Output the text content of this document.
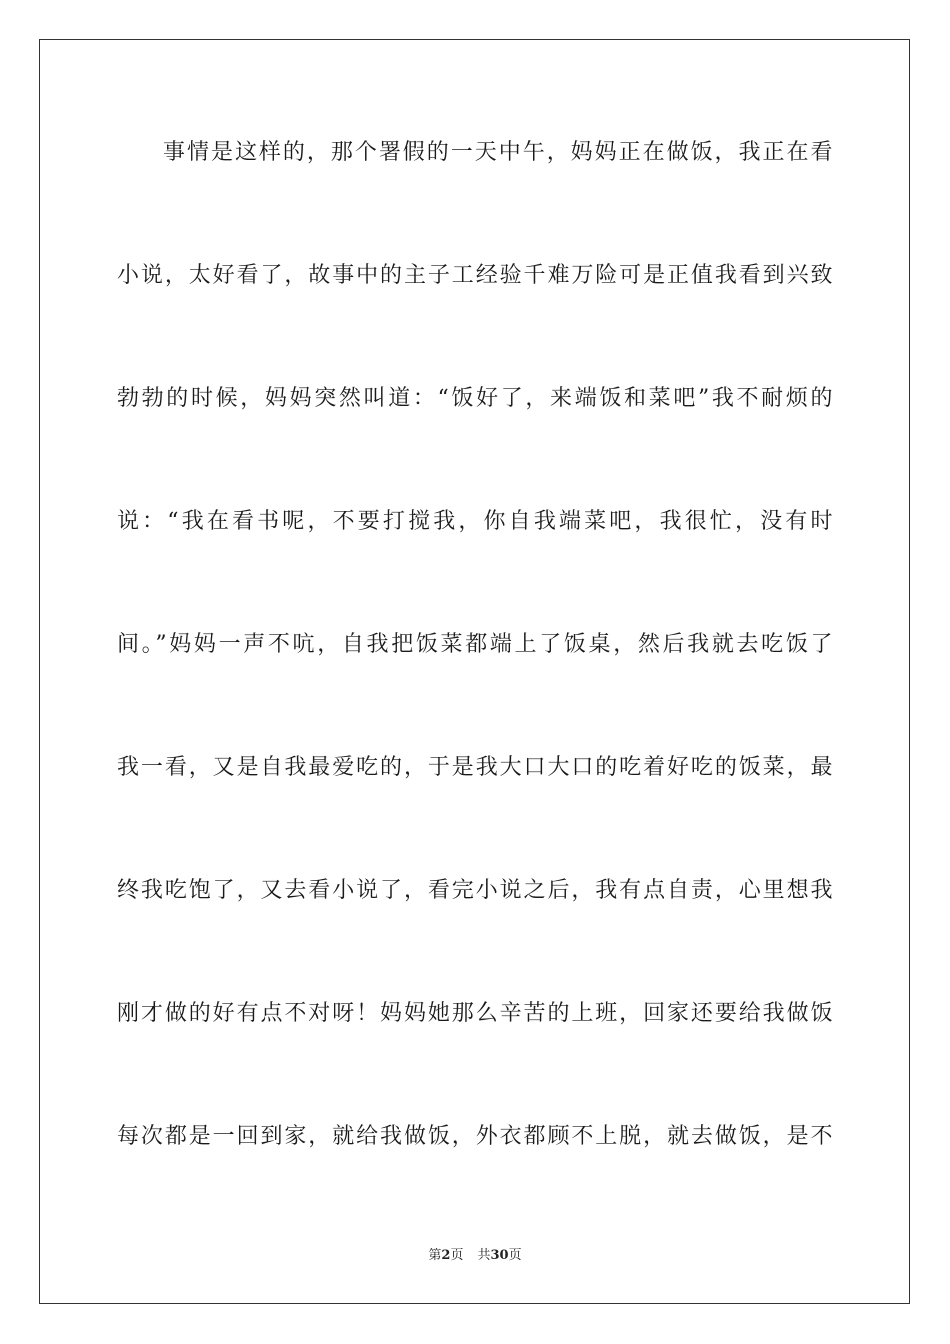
事情是这样的，那个署假的一天中午，妈妈正在做饭，我正在看
小说，太好看了，故事中的主子工经验千难万险可是正值我看到兴致
勃勃的时候，妈妈突然叫道：“饭好了，来端饭和菜吧”我不耐烦的
说：“我在看书呢，不要打搅我，你自我端菜吧，我很忙，没有时
间。”妈妈一声不吭，自我把饭菜都端上了饭桌，然后我就去吃饭了
我一看，又是自我最爱吃的，于是我大口大口的吃着好吃的饭菜，最
终我吃饱了，又去看小说了，看完小说之后，我有点自责，心里想我
刚才做的好有点不对呀！妈妈她那么辛苦的上班，回家还要给我做饭
每次都是一回到家，就给我做饭，外衣都顾不上脱，就去做饭，是不
第2页 共30页
